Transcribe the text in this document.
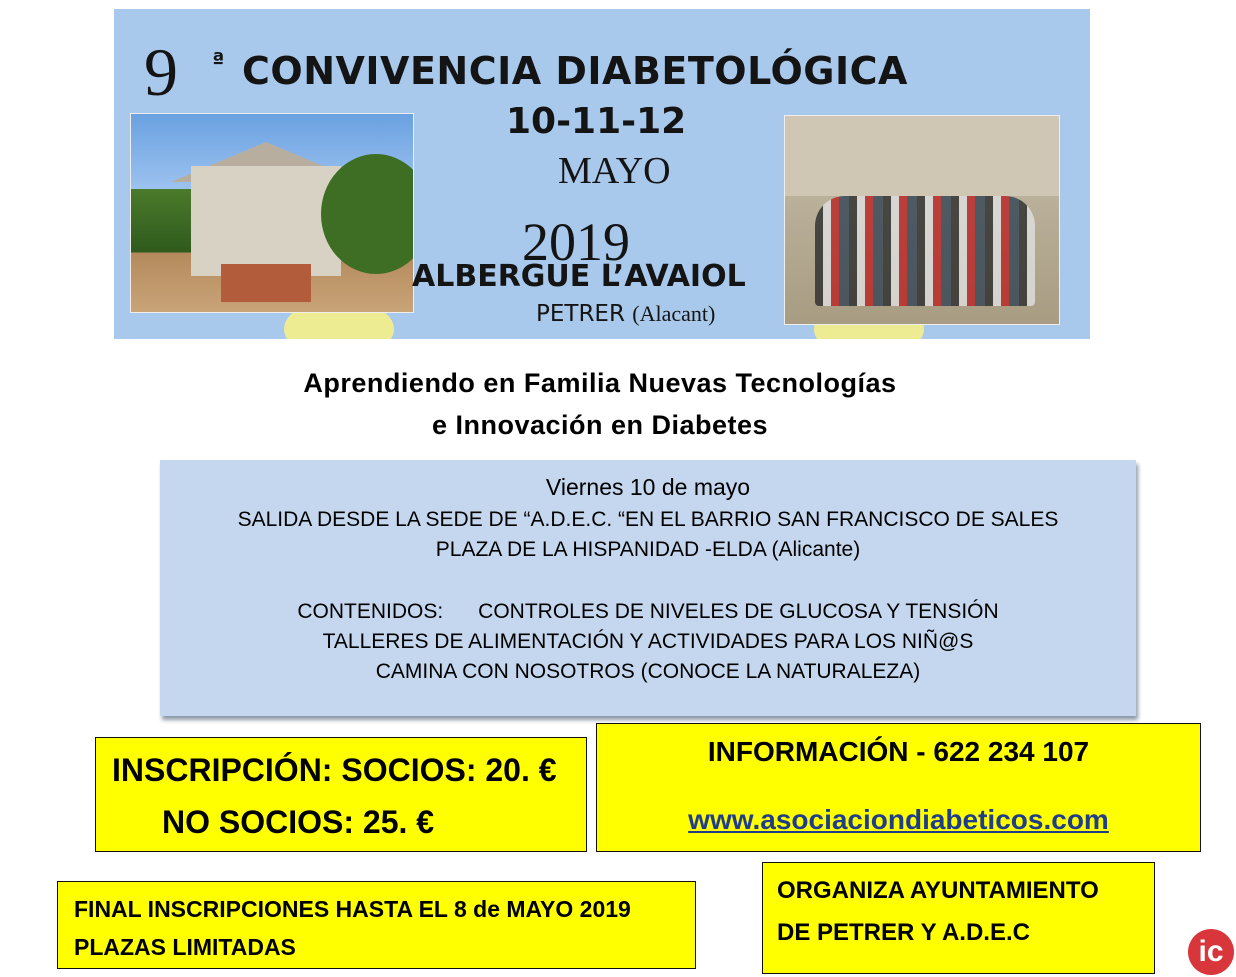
9 ª CONVIVENCIA DIABETOLÓGICA
10-11-12
MAYO
2019
ALBERGUE L’AVAIOL
PETRER (Alacant)
Aprendiendo en Familia Nuevas Tecnologías
e Innovación en Diabetes
Viernes 10 de mayo
SALIDA DESDE LA SEDE DE “A.D.E.C. “EN EL BARRIO SAN FRANCISCO DE SALES
PLAZA DE LA HISPANIDAD -ELDA (Alicante)
CONTENIDOS:      CONTROLES DE NIVELES DE GLUCOSA Y TENSIÓN
TALLERES DE ALIMENTACIÓN Y ACTIVIDADES PARA LOS NIÑ@S
CAMINA CON NOSOTROS (CONOCE LA NATURALEZA)
INSCRIPCIÓN: SOCIOS: 20. €
NO SOCIOS: 25. €
INFORMACIÓN - 622 234 107
www.asociaciondiabeticos.com
FINAL INSCRIPCIONES HASTA EL 8 de MAYO 2019
PLAZAS LIMITADAS
ORGANIZA AYUNTAMIENTO
DE PETRER Y A.D.E.C
ic
